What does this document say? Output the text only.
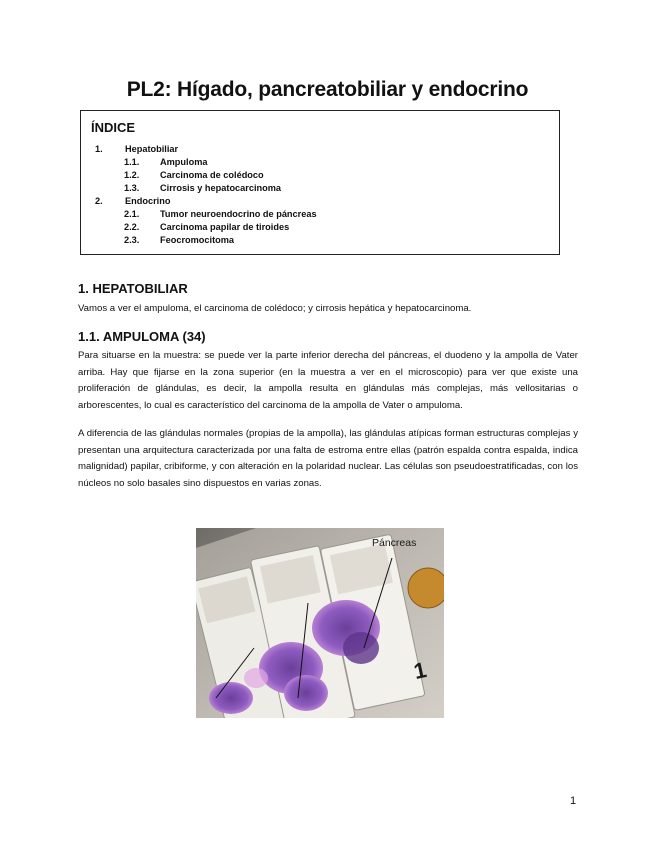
PL2: Hígado, pancreatobiliar y endocrino
ÍNDICE
1. Hepatobiliar
1.1. Ampuloma
1.2. Carcinoma de colédoco
1.3. Cirrosis y hepatocarcinoma
2. Endocrino
2.1. Tumor neuroendocrino de páncreas
2.2. Carcinoma papilar de tiroides
2.3. Feocromocitoma
1. HEPATOBILIAR

Vamos a ver el ampuloma, el carcinoma de colédoco; y cirrosis hepática y hepatocarcinoma.

1.1. AMPULOMA (34)

Para situarse en la muestra: se puede ver la parte inferior derecha del páncreas, el duodeno y la ampolla de Vater arriba. Hay que fijarse en la zona superior (en la muestra a ver en el microscopio) para ver que existe una proliferación de glándulas, es decir, la ampolla resulta en glándulas más complejas, más vellositarias o arborescentes, lo cual es característico del carcinoma de la ampolla de Vater o ampuloma.

A diferencia de las glándulas normales (propias de la ampolla), las glándulas atípicas forman estructuras complejas y presentan una arquitectura caracterizada por una falta de estroma entre ellas (patrón espalda contra espalda, indica malignidad) papilar, cribiforme, y con alteración en la polaridad nuclear. Las células son pseudoestratificadas, con los núcleos no solo basales sino dispuestos en varias zonas.

Páncreas
1
1
